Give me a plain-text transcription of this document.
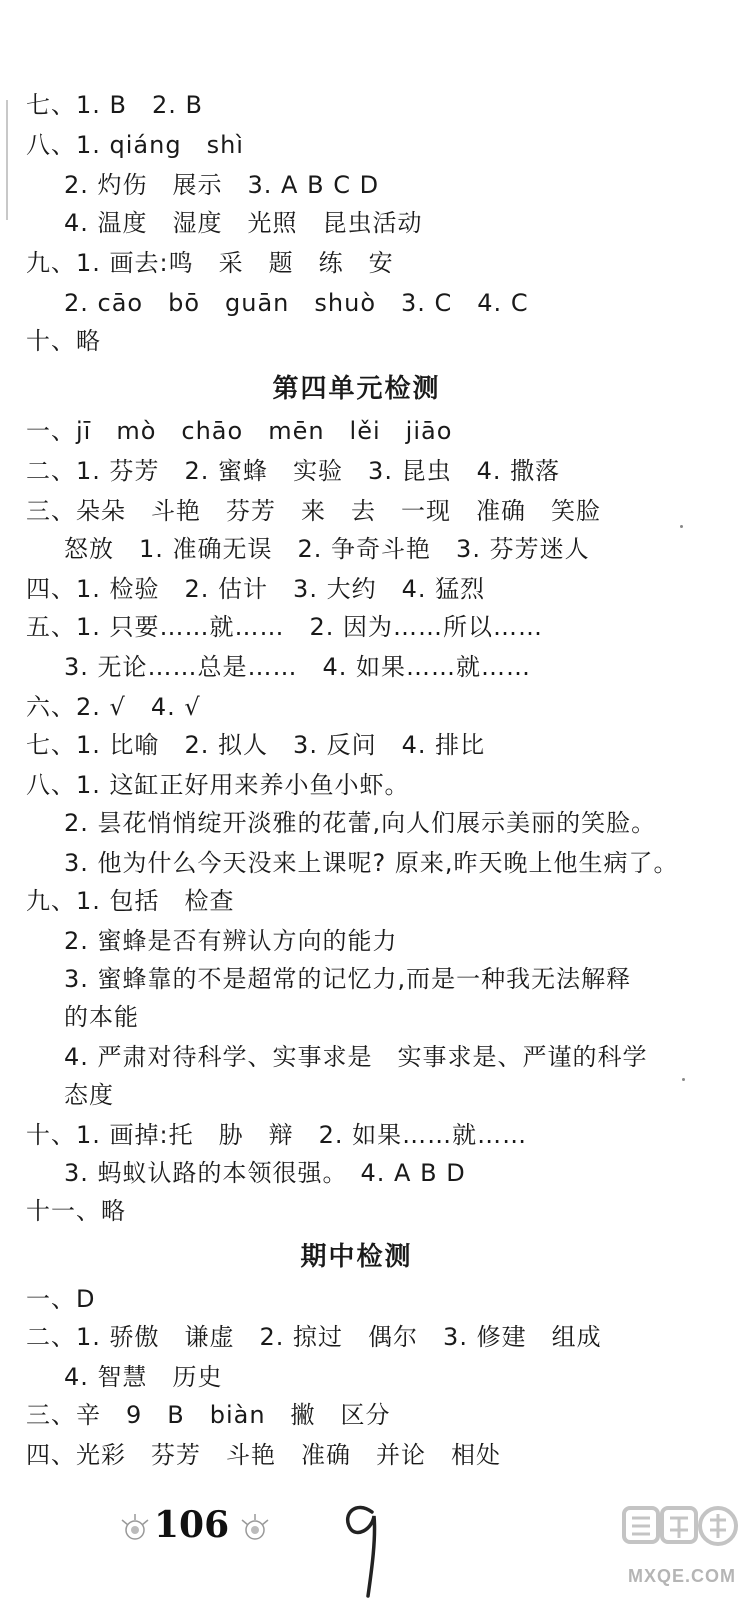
七、1. B　2. B
八、1. qiáng　shì
2. 灼伤　展示　3. A B C D
4. 温度　湿度　光照　昆虫活动
九、1. 画去:鸣　采　题　练　安
2. cāo　bō　guān　shuò　3. C　4. C
十、略
第四单元检测
一、jī　mò　chāo　mēn　lěi　jiāo
二、1. 芬芳　2. 蜜蜂　实验　3. 昆虫　4. 撒落
三、朵朵　斗艳　芬芳　来　去　一现　准确　笑脸
怒放　1. 准确无误　2. 争奇斗艳　3. 芬芳迷人
四、1. 检验　2. 估计　3. 大约　4. 猛烈
五、1. 只要……就……　2. 因为……所以……
3. 无论……总是……　4. 如果……就……
六、2. √　4. √
七、1. 比喻　2. 拟人　3. 反问　4. 排比
八、1. 这缸正好用来养小鱼小虾。
2. 昙花悄悄绽开淡雅的花蕾,向人们展示美丽的笑脸。
3. 他为什么今天没来上课呢? 原来,昨天晚上他生病了。
九、1. 包括　检查
2. 蜜蜂是否有辨认方向的能力
3. 蜜蜂靠的不是超常的记忆力,而是一种我无法解释
的本能
4. 严肃对待科学、实事求是　实事求是、严谨的科学
态度
十、1. 画掉:托　胁　辩　2. 如果……就……
3. 蚂蚁认路的本领很强。　4. A B D
十一、略
期中检测
一、D
二、1. 骄傲　谦虚　2. 掠过　偶尔　3. 修建　组成
4. 智慧　历史
三、辛　9　B　biàn　撇　区分
四、光彩　芬芳　斗艳　准确　并论　相处
106
MXQE.COM
